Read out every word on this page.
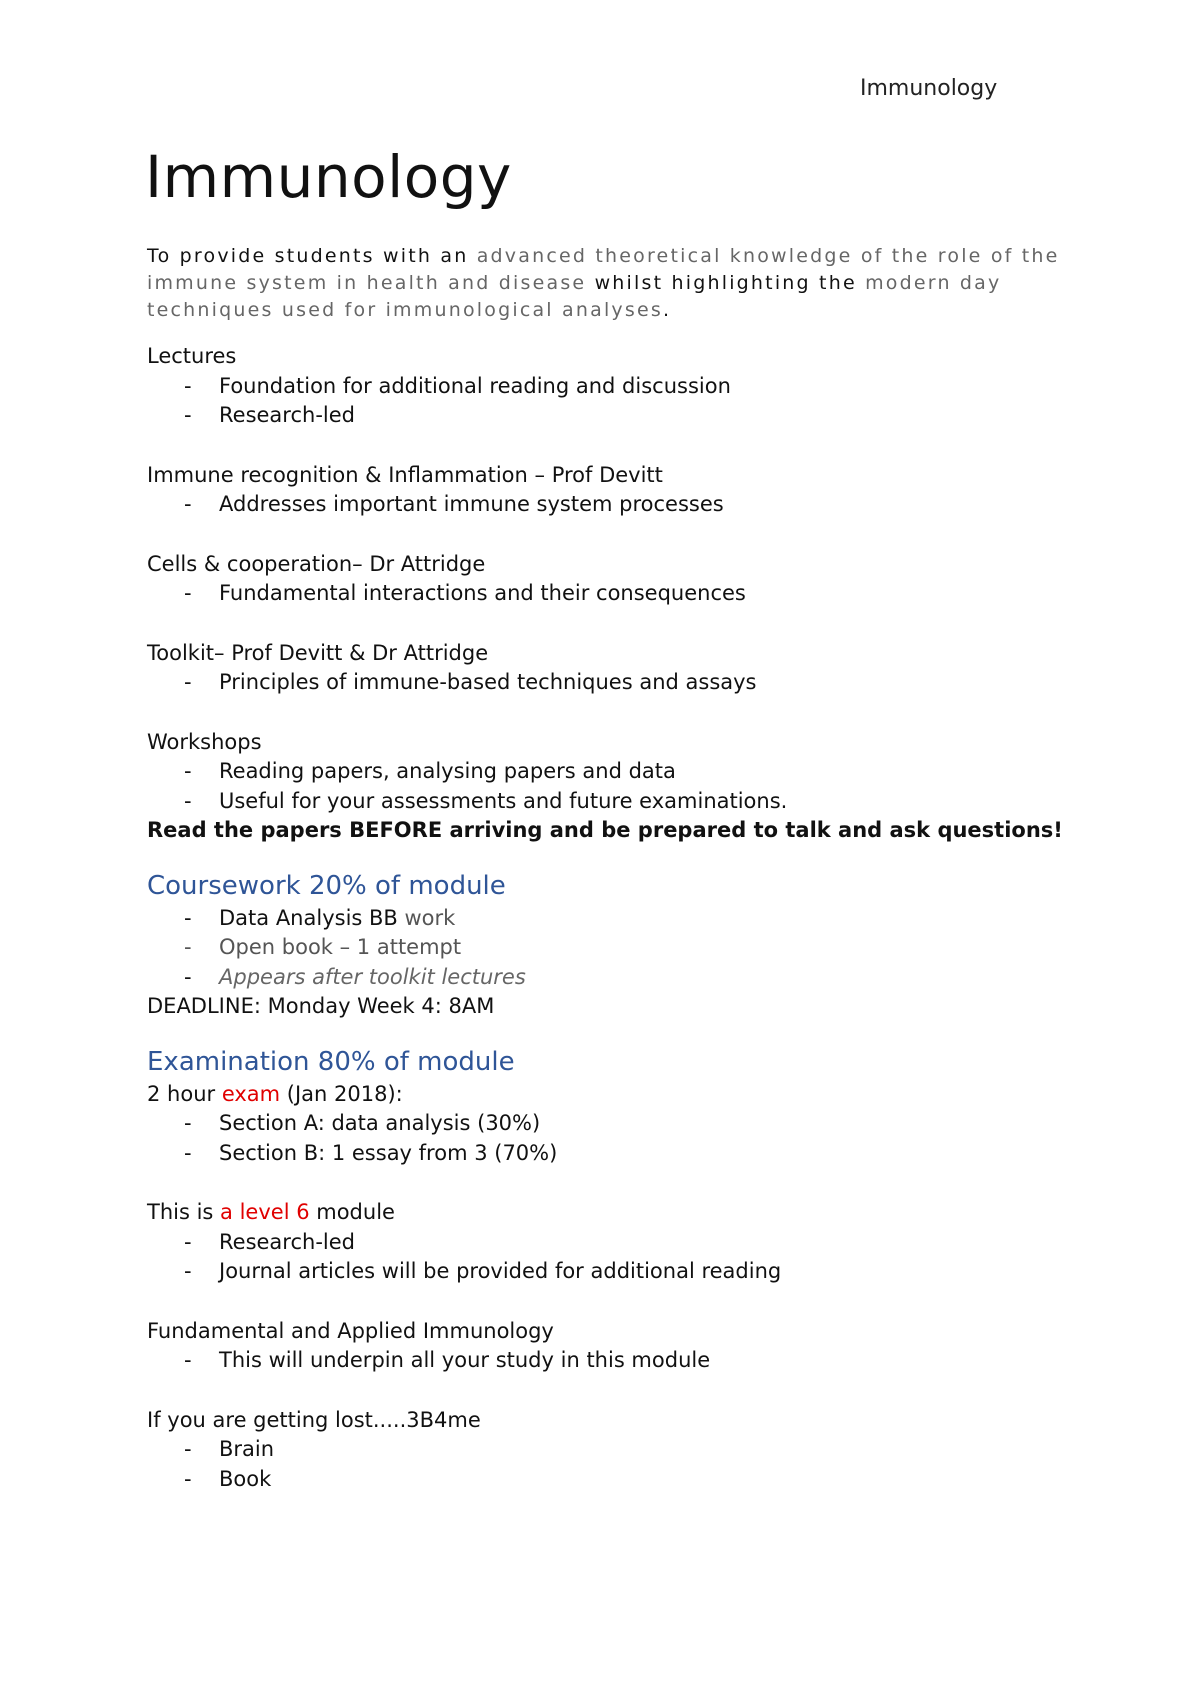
Immunology
Immunology
To provide students with an advanced theoretical knowledge of the role of the immune system in health and disease whilst highlighting the modern day techniques used for immunological analyses.

Lectures

- Foundation for additional reading and discussion
- Research-led

Immune recognition & Inflammation – Prof Devitt

- Addresses important immune system processes

Cells & cooperation– Dr Attridge

- Fundamental interactions and their consequences

Toolkit– Prof Devitt & Dr Attridge

- Principles of immune-based techniques and assays

Workshops

- Reading papers, analysing papers and data
- Useful for your assessments and future examinations.

Read the papers BEFORE arriving and be prepared to talk and ask questions!

Coursework 20% of module

- Data Analysis BB work
- Open book – 1 attempt
- Appears after toolkit lectures

DEADLINE: Monday Week 4: 8AM

Examination 80% of module

2 hour exam (Jan 2018):

- Section A: data analysis (30%)
- Section B: 1 essay from 3 (70%)

This is a level 6 module

- Research-led
- Journal articles will be provided for additional reading

Fundamental and Applied Immunology

- This will underpin all your study in this module

If you are getting lost.....3B4me

- Brain
- Book
